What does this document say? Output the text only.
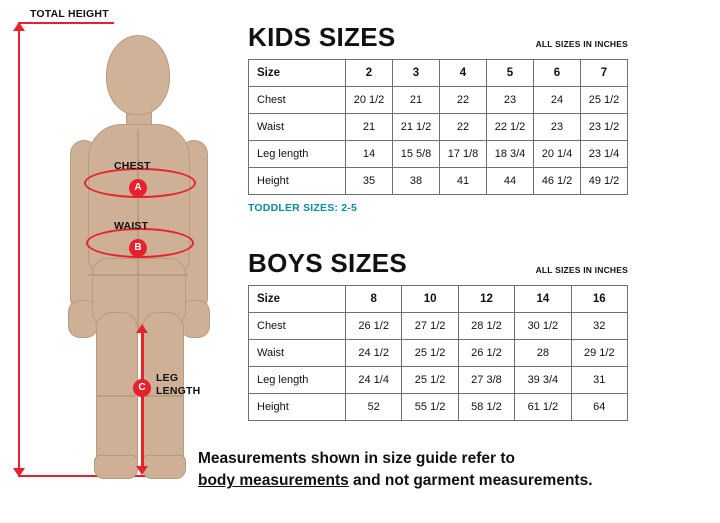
TOTAL HEIGHT
CHEST
WAIST
LEG LENGTH
A
B
C
KIDS SIZES	ALL SIZES IN INCHES
Size	2	3	4	5	6	7
Chest	20 1/2	21	22	23	24	25 1/2
Waist	21	21 1/2	22	22 1/2	23	23 1/2
Leg length	14	15 5/8	17 1/8	18 3/4	20 1/4	23 1/4
Height	35	38	41	44	46 1/2	49 1/2
TODDLER SIZES: 2-5
BOYS SIZES	ALL SIZES IN INCHES
Size	8	10	12	14	16
Chest	26 1/2	27 1/2	28 1/2	30 1/2	32
Waist	24 1/2	25 1/2	26 1/2	28	29 1/2
Leg length	24 1/4	25 1/2	27 3/8	39 3/4	31
Height	52	55 1/2	58 1/2	61 1/2	64
Measurements shown in size guide refer to
body measurements and not garment measurements.
